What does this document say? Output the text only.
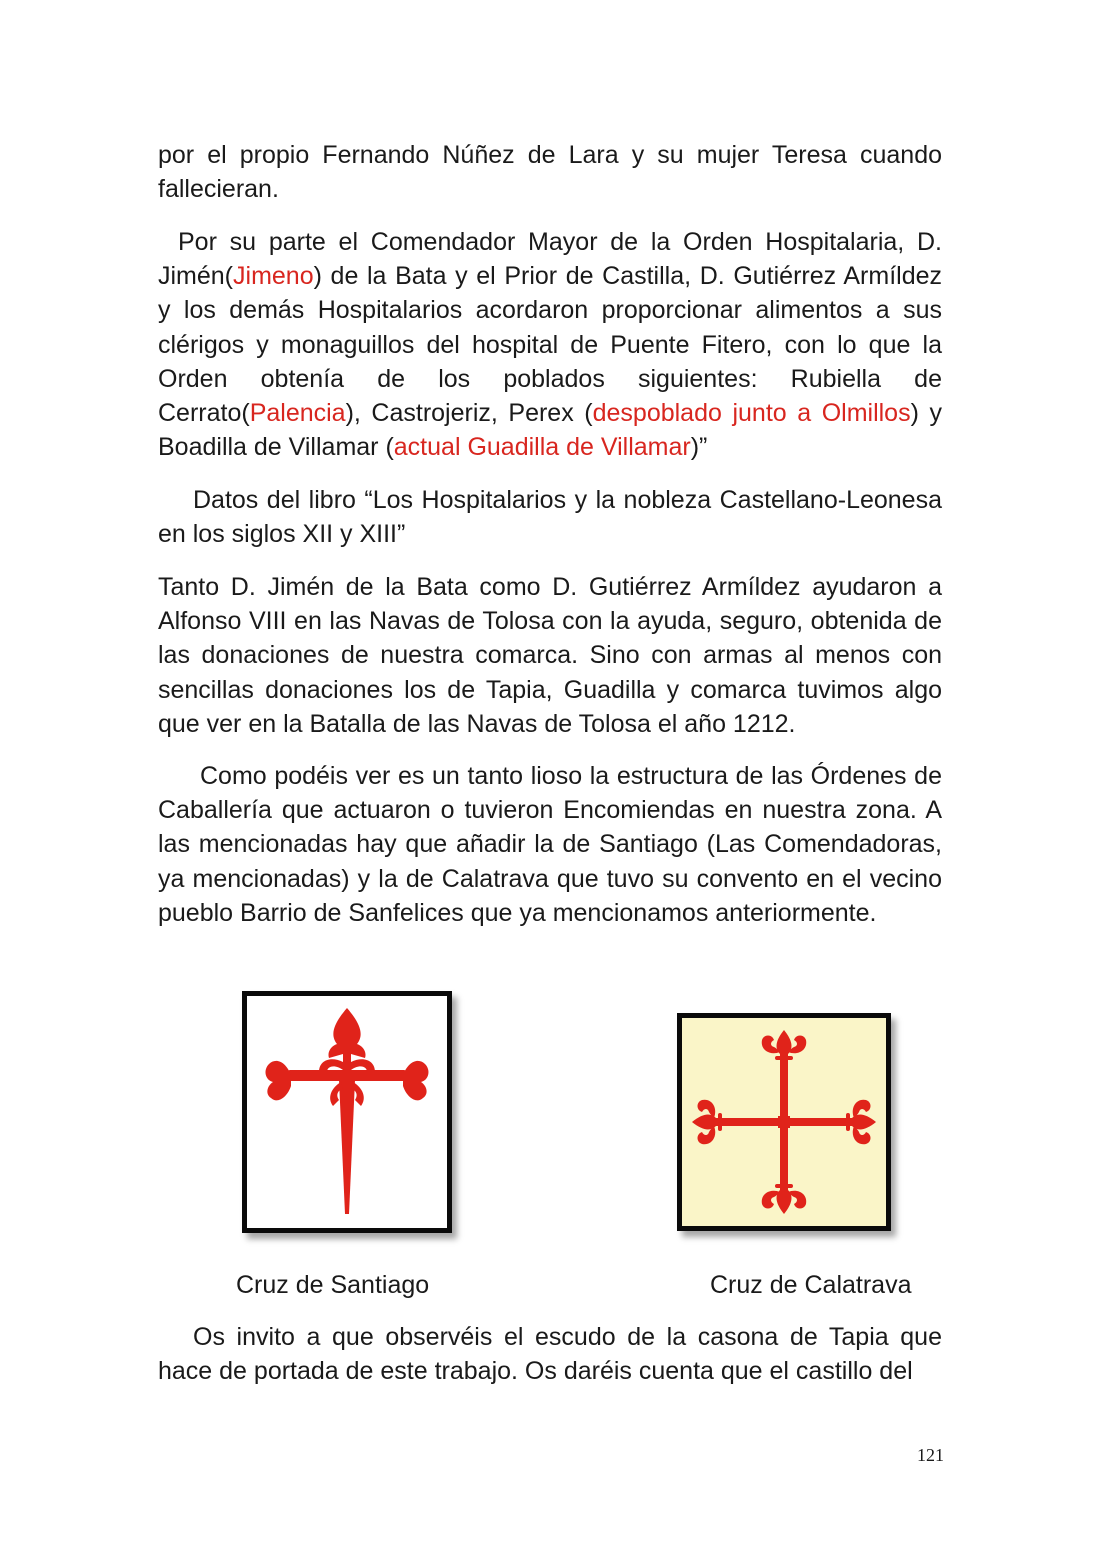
por el propio Fernando Núñez de Lara y su mujer Teresa cuando fallecieran.
Por su parte el Comendador Mayor de la Orden Hospitalaria, D. Jimén(Jimeno) de la Bata y el Prior de Castilla, D. Gutiérrez Armíldez y los demás Hospitalarios acordaron proporcionar alimentos a sus clérigos y monaguillos del hospital de Puente Fitero, con lo que la Orden obtenía de los poblados siguientes: Rubiella de Cerrato(Palencia), Castrojeriz, Perex (despoblado junto a Olmillos) y Boadilla de Villamar (actual Guadilla de Villamar)”
Datos del libro “Los Hospitalarios y la nobleza Castellano-Leonesa en los siglos XII y XIII”
Tanto D. Jimén de la Bata como D. Gutiérrez Armíldez ayudaron a Alfonso VIII en las Navas de Tolosa con la ayuda, seguro, obtenida de las donaciones de nuestra comarca. Sino con armas al menos con sencillas donaciones los de Tapia, Guadilla y comarca tuvimos algo que ver en la Batalla de las Navas de Tolosa el año 1212.
Como podéis ver es un tanto lioso la estructura de las Órdenes de Caballería que actuaron o tuvieron Encomiendas en nuestra zona. A las mencionadas hay que añadir la de Santiago (Las Comendadoras, ya mencionadas) y la de Calatrava que tuvo su convento en el vecino pueblo Barrio de Sanfelices que ya mencionamos anteriormente.
Cruz de Santiago	Cruz de Calatrava
Os invito a que observéis el escudo de la casona de Tapia que hace de portada de este trabajo. Os daréis cuenta que el castillo del
121
